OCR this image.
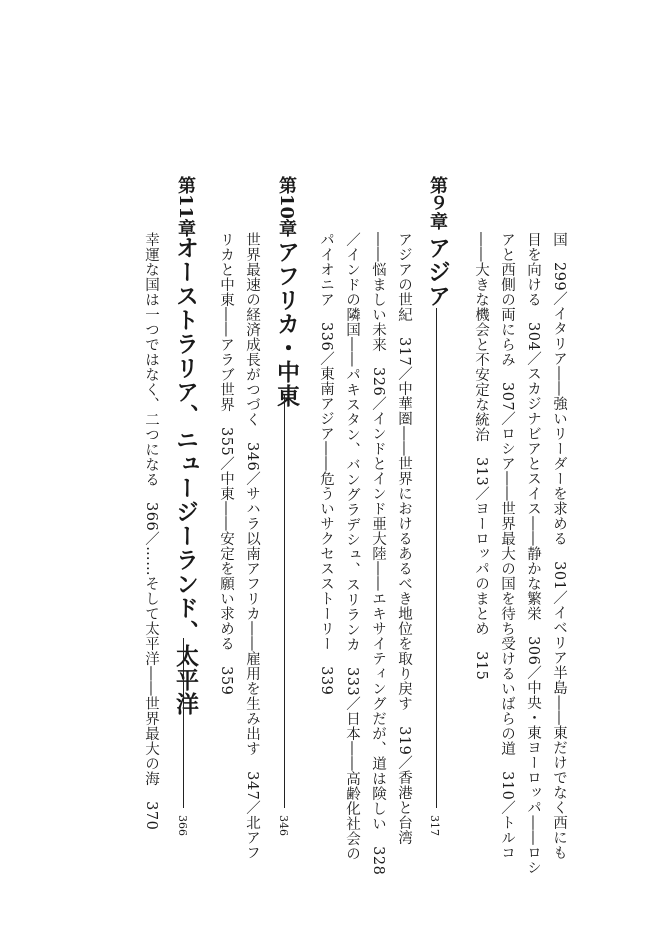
国　299／イタリア――強いリーダーを求める　301／イベリア半島――東だけでなく西にも
目を向ける　304／スカジナビアとスイス――静かな繁栄　306／中央・東ヨーロッパ――ロシ
アと西側の両にらみ　307／ロシア――世界最大の国を待ち受けるいばらの道　310／トルコ
――大きな機会と不安定な統治　313／ヨーロッパのまとめ　315
第９章
アジア
317
アジアの世紀　317／中華圏――世界におけるあるべき地位を取り戻す　319／香港と台湾
――悩ましい未来　326／インドとインド亜大陸――エキサイティングだが、道は険しい　328
／インドの隣国――パキスタン、バングラデシュ、スリランカ　333／日本――高齢化社会の
パイオニア　336／東南アジア――危ういサクセスストーリー　339
第10章
アフリカ・中東
346
世界最速の経済成長がつづく　346／サハラ以南アフリカ――雇用を生み出す　347／北アフ
リカと中東――アラブ世界　355／中東――安定を願い求める　359
第11章
オーストラリア、ニュージーランド、太平洋
366
幸運な国は一つではなく、二つになる　366／……そして太平洋――世界最大の海　370
